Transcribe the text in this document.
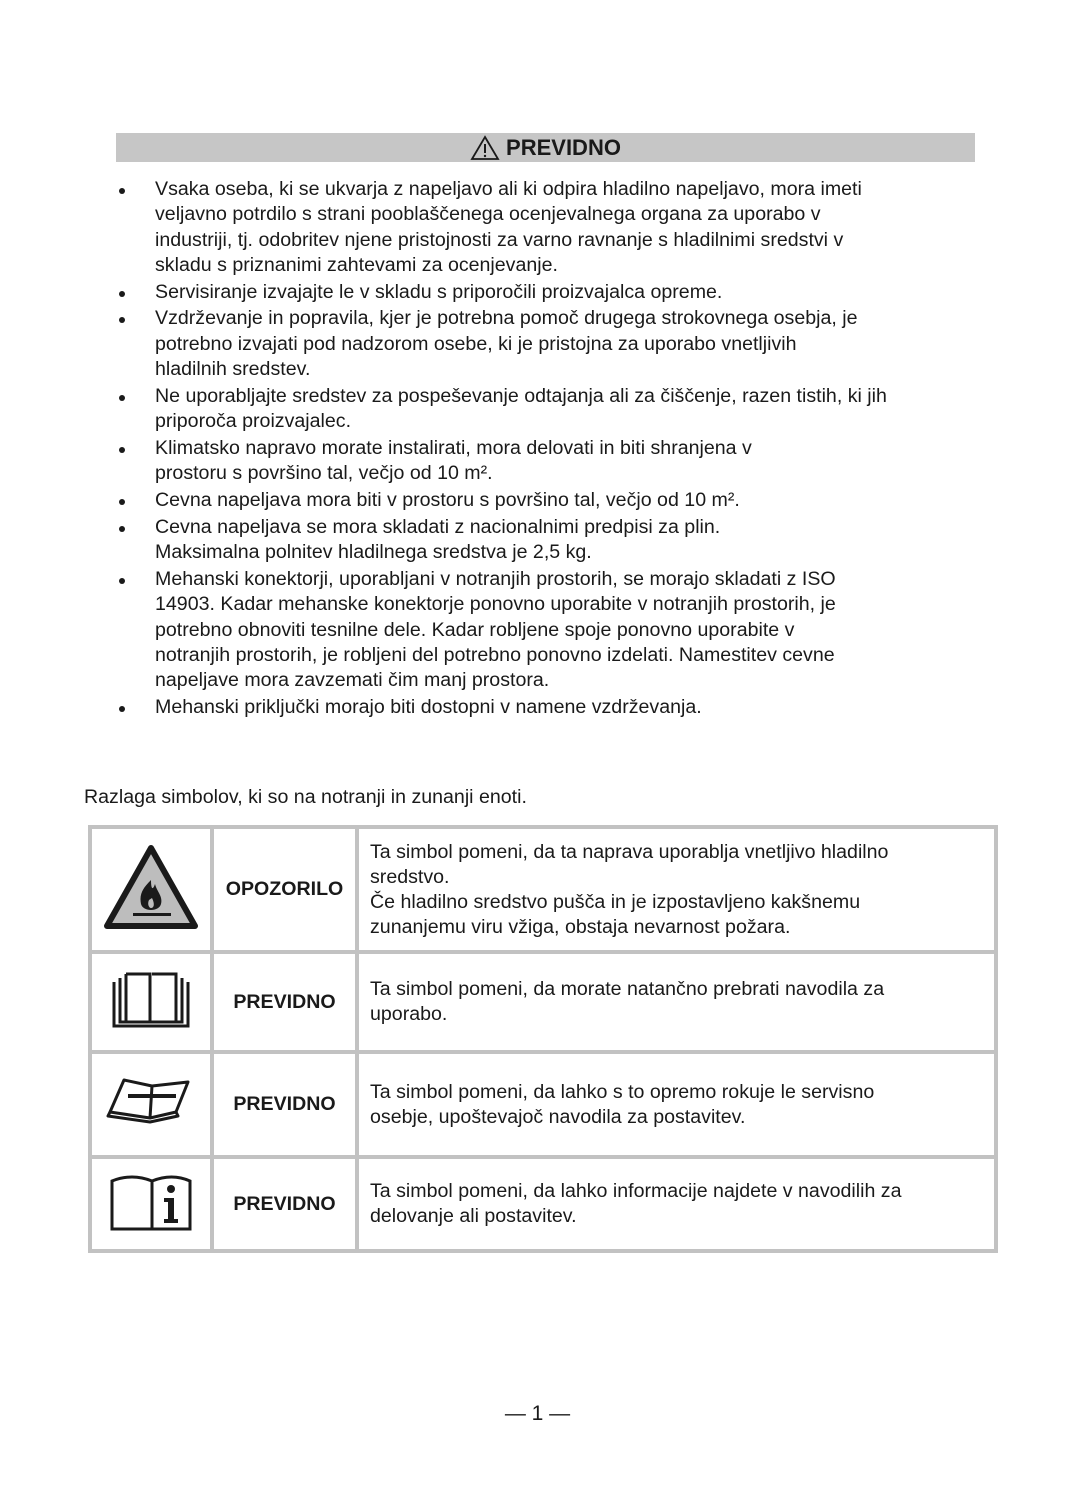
PREVIDNO
Vsaka oseba, ki se ukvarja z napeljavo ali ki odpira hladilno napeljavo, mora imeti
veljavno potrdilo s strani pooblaščenega ocenjevalnega organa za uporabo v
industriji, tj. odobritev njene pristojnosti za varno ravnanje s hladilnimi sredstvi v
skladu s priznanimi zahtevami za ocenjevanje.
Servisiranje izvajajte le v skladu s priporočili proizvajalca opreme.
Vzdrževanje in popravila, kjer je potrebna pomoč drugega strokovnega osebja, je
potrebno izvajati pod nadzorom osebe, ki je pristojna za uporabo vnetljivih
hladilnih sredstev.
Ne uporabljajte sredstev za pospeševanje odtajanja ali za čiščenje, razen tistih, ki jih
priporoča proizvajalec.
Klimatsko napravo morate instalirati, mora delovati in biti shranjena v
prostoru s površino tal, večjo od 10 m².
Cevna napeljava mora biti v prostoru s površino tal, večjo od 10 m².
Cevna napeljava se mora skladati z nacionalnimi predpisi za plin.
Maksimalna polnitev hladilnega sredstva je 2,5 kg.
Mehanski konektorji, uporabljani v notranjih prostorih, se morajo skladati z ISO
14903. Kadar mehanske konektorje ponovno uporabite v notranjih prostorih, je
potrebno obnoviti tesnilne dele. Kadar robljene spoje ponovno uporabite v
notranjih prostorih, je robljeni del potrebno ponovno izdelati. Namestitev cevne
napeljave mora zavzemati čim manj prostora.
Mehanski priključki morajo biti dostopni v namene vzdrževanja.
Razlaga simbolov, ki so na notranji in zunanji enoti.
	OPOZORILO	Ta simbol pomeni, da ta naprava uporablja vnetljivo hladilno
sredstvo.
Če hladilno sredstvo pušča in je izpostavljeno kakšnemu
zunanjemu viru vžiga, obstaja nevarnost požara.

	PREVIDNO	Ta simbol pomeni, da morate natančno prebrati navodila za
uporabo.

	PREVIDNO	Ta simbol pomeni, da lahko s to opremo rokuje le servisno
osebje, upoštevajoč navodila za postavitev.

	PREVIDNO	Ta simbol pomeni, da lahko informacije najdete v navodilih za
delovanje ali postavitev.
— 1 —
